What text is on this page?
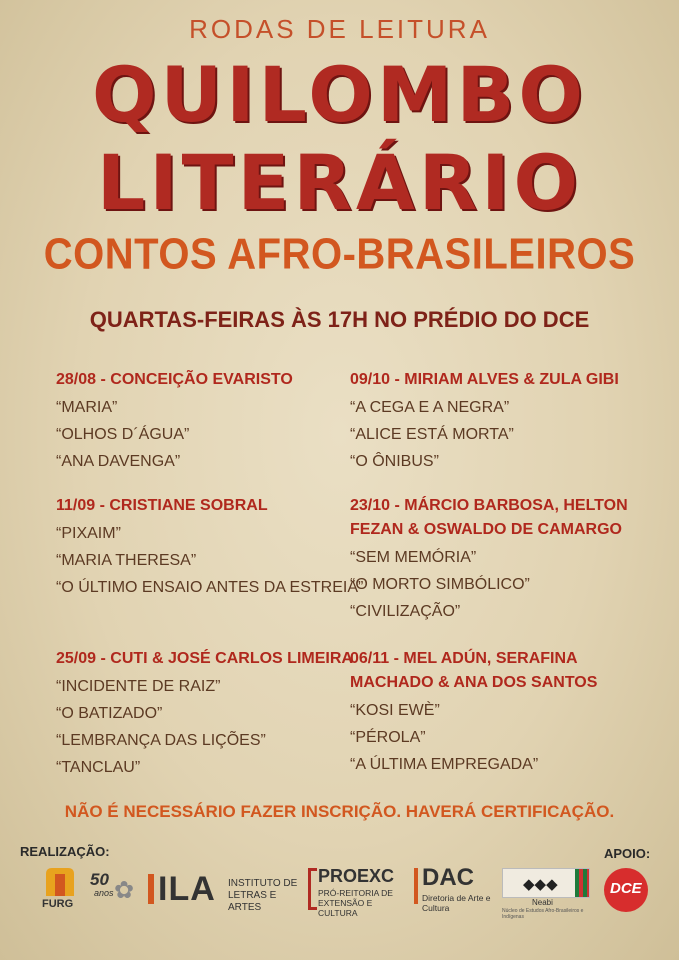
RODAS DE LEITURA
QUILOMBO
LITERÁRIO
CONTOS AFRO-BRASILEIROS
QUARTAS-FEIRAS ÀS 17H NO PRÉDIO DO DCE
28/08 - CONCEIÇÃO EVARISTO
“MARIA”
“OLHOS D´ÁGUA”
“ANA DAVENGA”
11/09 - CRISTIANE SOBRAL
“PIXAIM”
“MARIA THERESA”
“O ÚLTIMO ENSAIO ANTES DA ESTREIA”
25/09 - CUTI & JOSÉ CARLOS LIMEIRA
“INCIDENTE DE RAIZ”
“O BATIZADO”
“LEMBRANÇA DAS LIÇÕES”
“TANCLAU”
09/10 - MIRIAM ALVES & ZULA GIBI
“A CEGA E A NEGRA”
“ALICE ESTÁ MORTA”
“O ÔNIBUS”
23/10 - MÁRCIO BARBOSA, HELTON FEZAN & OSWALDO DE CAMARGO
“SEM MEMÓRIA”
“O MORTO SIMBÓLICO”
“CIVILIZAÇÃO”
06/11 - MEL ADÚN, SERAFINA MACHADO & ANA DOS SANTOS
“KOSI EWÈ”
“PÉROLA”
“A ÚLTIMA EMPREGADA”
NÃO É NECESSÁRIO FAZER INSCRIÇÃO. HAVERÁ CERTIFICAÇÃO.
REALIZAÇÃO:	APOIO:
FURG
50
anos ✿ ILA INSTITUTO DE LETRAS E ARTES
PROEXC
PRÓ-REITORIA DE EXTENSÃO E CULTURA
DAC
Diretoria de Arte e Cultura
◆◆◆
Neabi
Núcleo de Estudos Afro-Brasileiros e Indígenas
DCE
